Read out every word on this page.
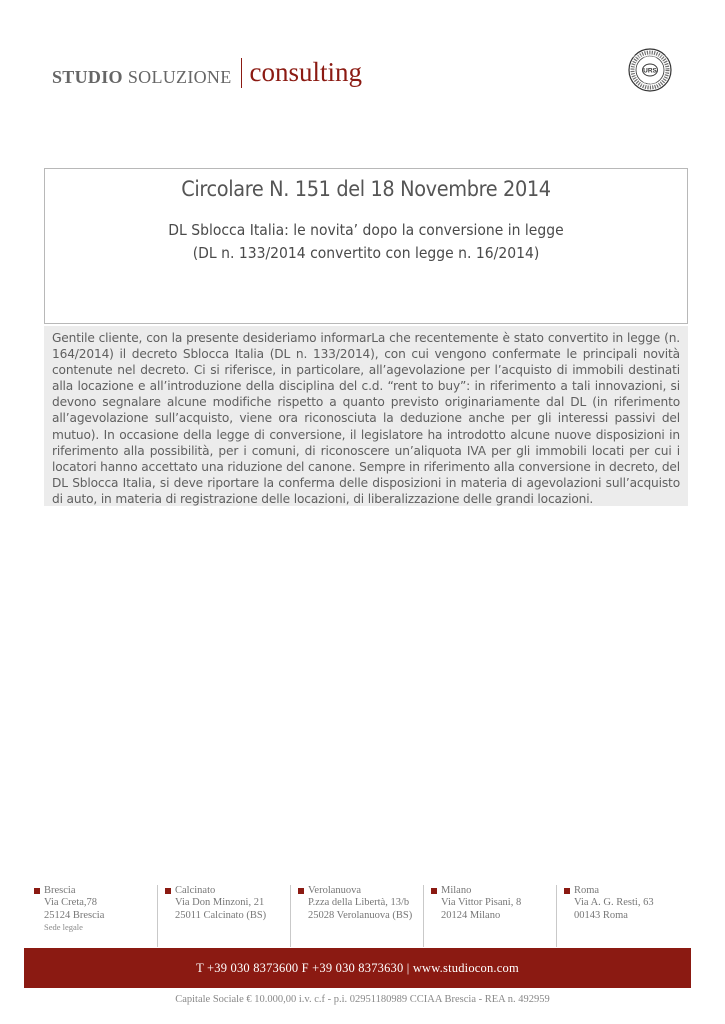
STUDIO SOLUZIONE consulting	URS
ISO 9001
CERTIFIED MANAGEMENT SYSTEM
Circolare N. 151 del 18 Novembre 2014
DL Sblocca Italia: le novita’ dopo la conversione in legge
(DL n. 133/2014 convertito con legge n. 16/2014)

Gentile cliente, con la presente desideriamo informarLa che recentemente è stato convertito in legge (n. 164/2014) il decreto Sblocca Italia (DL n. 133/2014), con cui vengono confermate le principali novità contenute nel decreto. Ci si riferisce, in particolare, all’agevolazione per l’acquisto di immobili destinati alla locazione e all’introduzione della disciplina del c.d. “rent to buy”: in riferimento a tali innovazioni, si devono segnalare alcune modifiche rispetto a quanto previsto originariamente dal DL (in riferimento all’agevolazione sull’acquisto, viene ora riconosciuta la deduzione anche per gli interessi passivi del mutuo). In occasione della legge di conversione, il legislatore ha introdotto alcune nuove disposizioni in riferimento alla possibilità, per i comuni, di riconoscere un’aliquota IVA per gli immobili locati per cui i locatori hanno accettato una riduzione del canone. Sempre in riferimento alla conversione in decreto, del DL Sblocca Italia, si deve riportare la conferma delle disposizioni in materia di agevolazioni sull’acquisto di auto, in materia di registrazione delle locazioni, di liberalizzazione delle grandi locazioni.

Brescia
Via Creta,78
25124 Brescia
Sede legale
Calcinato
Via Don Minzoni, 21
25011 Calcinato (BS)
Verolanuova
P.zza della Libertà, 13/b
25028 Verolanuova (BS)
Milano
Via Vittor Pisani, 8
20124 Milano
Roma
Via A. G. Resti, 63
00143 Roma
T +39 030 8373600 F +39 030 8373630 | www.studiocon.com
Capitale Sociale € 10.000,00 i.v. c.f - p.i. 02951180989 CCIAA Brescia - REA n. 492959
